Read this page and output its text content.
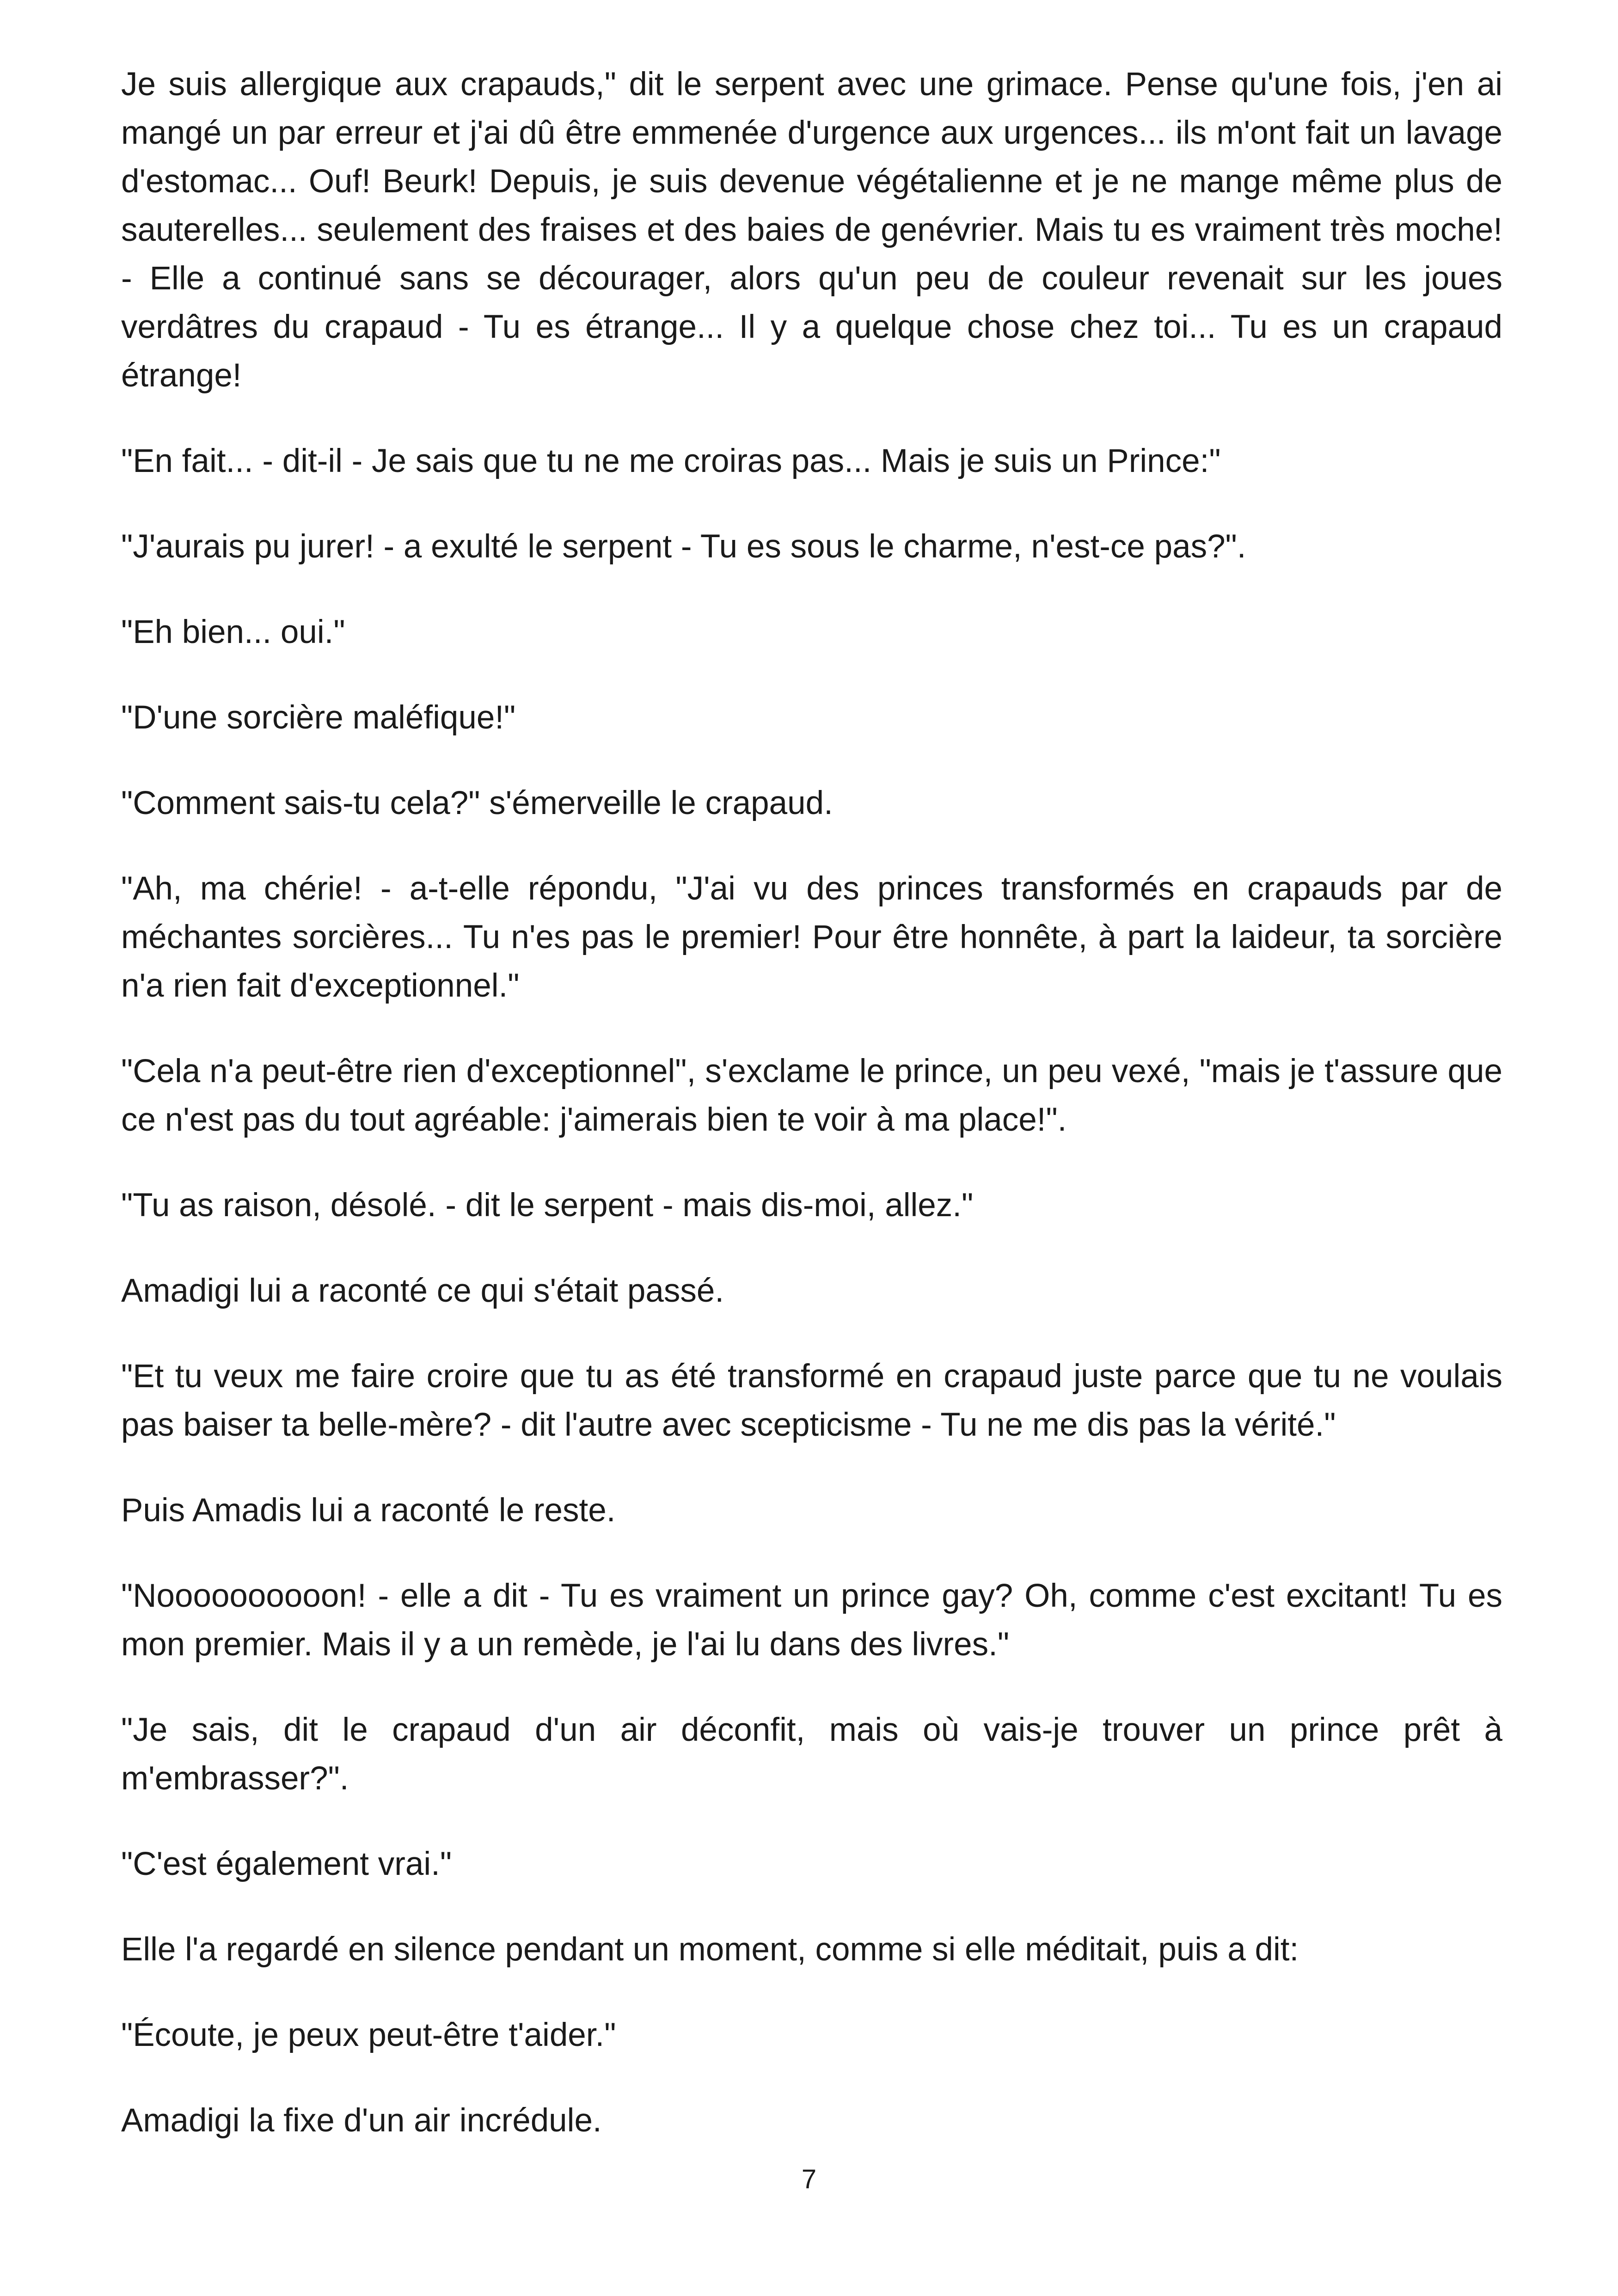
Je suis allergique aux crapauds," dit le serpent avec une grimace. Pense qu'une fois, j'en ai mangé un par erreur et j'ai dû être emmenée d'urgence aux urgences... ils m'ont fait un lavage d'estomac... Ouf! Beurk! Depuis, je suis devenue végétalienne et je ne mange même plus de sauterelles... seulement des fraises et des baies de genévrier. Mais tu es vraiment très moche! - Elle a continué sans se décourager, alors qu'un peu de couleur revenait sur les joues verdâtres du crapaud - Tu es étrange... Il y a quelque chose chez toi... Tu es un crapaud étrange!

"En fait... - dit-il - Je sais que tu ne me croiras pas... Mais je suis un Prince:"

"J'aurais pu jurer! - a exulté le serpent - Tu es sous le charme, n'est-ce pas?".

"Eh bien... oui."

"D'une sorcière maléfique!"

"Comment sais-tu cela?" s'émerveille le crapaud.

"Ah, ma chérie! - a-t-elle répondu, "J'ai vu des princes transformés en crapauds par de méchantes sorcières... Tu n'es pas le premier! Pour être honnête, à part la laideur, ta sorcière n'a rien fait d'exceptionnel."

"Cela n'a peut-être rien d'exceptionnel", s'exclame le prince, un peu vexé, "mais je t'assure que ce n'est pas du tout agréable: j'aimerais bien te voir à ma place!".

"Tu as raison, désolé. - dit le serpent - mais dis-moi, allez."

Amadigi lui a raconté ce qui s'était passé.

"Et tu veux me faire croire que tu as été transformé en crapaud juste parce que tu ne voulais pas baiser ta belle-mère? - dit l'autre avec scepticisme - Tu ne me dis pas la vérité."

Puis Amadis lui a raconté le reste.

"Noooooooooon! - elle a dit - Tu es vraiment un prince gay? Oh, comme c'est excitant! Tu es mon premier. Mais il y a un remède, je l'ai lu dans des livres."

"Je sais, dit le crapaud d'un air déconfit, mais où vais-je trouver un prince prêt à m'embrasser?".

"C'est également vrai."

Elle l'a regardé en silence pendant un moment, comme si elle méditait, puis a dit:

"Écoute, je peux peut-être t'aider."

Amadigi la fixe d'un air incrédule.

7
